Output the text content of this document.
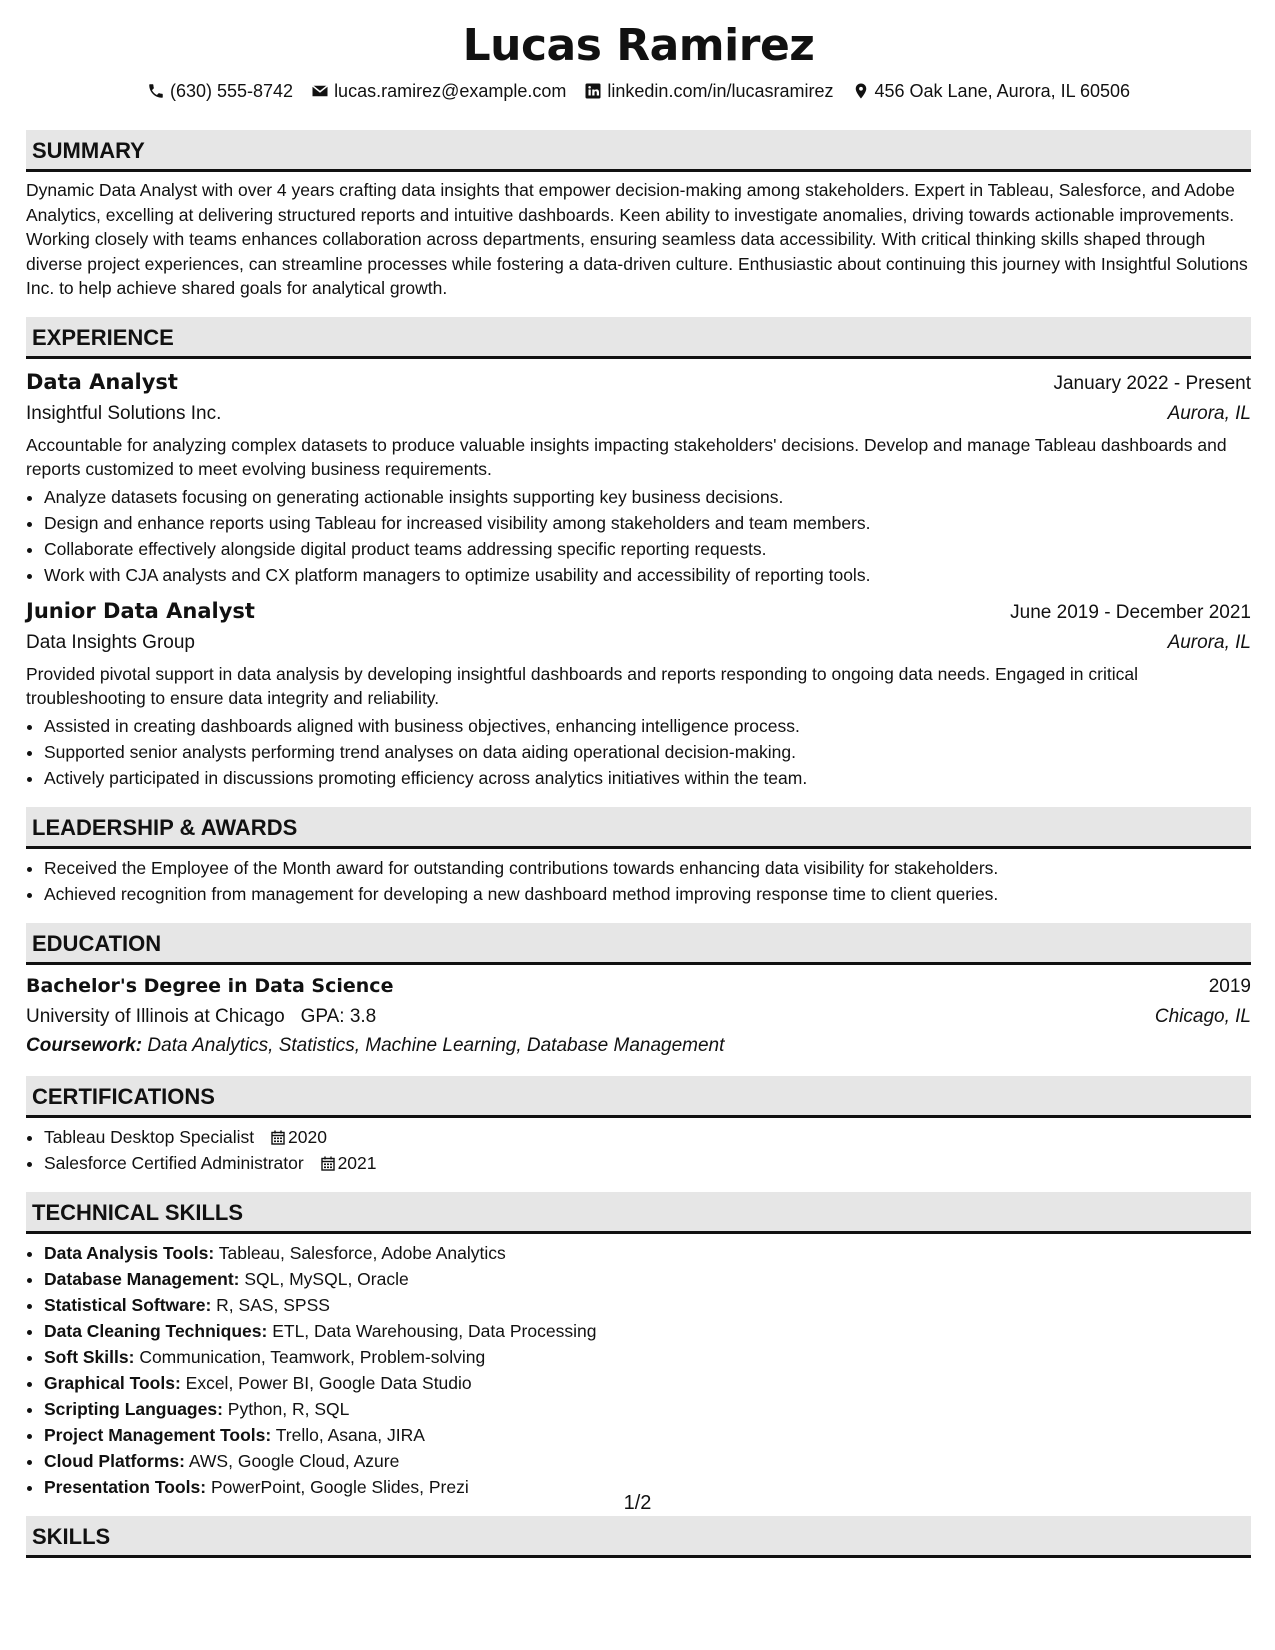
Lucas Ramirez
(630) 555-8742 lucas.ramirez@example.com linkedin.com/in/lucasramirez 456 Oak Lane, Aurora, IL 60506
SUMMARY

Dynamic Data Analyst with over 4 years crafting data insights that empower decision-making among stakeholders. Expert in Tableau, Salesforce, and Adobe Analytics, excelling at delivering structured reports and intuitive dashboards. Keen ability to investigate anomalies, driving towards actionable improvements. Working closely with teams enhances collaboration across departments, ensuring seamless data accessibility. With critical thinking skills shaped through diverse project experiences, can streamline processes while fostering a data-driven culture. Enthusiastic about continuing this journey with Insightful Solutions Inc. to help achieve shared goals for analytical growth.

EXPERIENCE
Data Analyst	January 2022 - Present
Insightful Solutions Inc.	Aurora, IL

Accountable for analyzing complex datasets to produce valuable insights impacting stakeholders' decisions. Develop and manage Tableau dashboards and reports customized to meet evolving business requirements.

• Analyze datasets focusing on generating actionable insights supporting key business decisions.
• Design and enhance reports using Tableau for increased visibility among stakeholders and team members.
• Collaborate effectively alongside digital product teams addressing specific reporting requests.
• Work with CJA analysts and CX platform managers to optimize usability and accessibility of reporting tools.
Junior Data Analyst	June 2019 - December 2021
Data Insights Group	Aurora, IL

Provided pivotal support in data analysis by developing insightful dashboards and reports responding to ongoing data needs. Engaged in critical troubleshooting to ensure data integrity and reliability.

• Assisted in creating dashboards aligned with business objectives, enhancing intelligence process.
• Supported senior analysts performing trend analyses on data aiding operational decision-making.
• Actively participated in discussions promoting efficiency across analytics initiatives within the team.
LEADERSHIP & AWARDS
• Received the Employee of the Month award for outstanding contributions towards enhancing data visibility for stakeholders.
• Achieved recognition from management for developing a new dashboard method improving response time to client queries.
EDUCATION
Bachelor's Degree in Data Science	2019
University of Illinois at Chicago GPA: 3.8	Chicago, IL
Coursework: Data Analytics, Statistics, Machine Learning, Database Management
CERTIFICATIONS
• Tableau Desktop Specialist 2020
• Salesforce Certified Administrator 2021
TECHNICAL SKILLS
• Data Analysis Tools: Tableau, Salesforce, Adobe Analytics
• Database Management: SQL, MySQL, Oracle
• Statistical Software: R, SAS, SPSS
• Data Cleaning Techniques: ETL, Data Warehousing, Data Processing
• Soft Skills: Communication, Teamwork, Problem-solving
• Graphical Tools: Excel, Power BI, Google Data Studio
• Scripting Languages: Python, R, SQL
• Project Management Tools: Trello, Asana, JIRA
• Cloud Platforms: AWS, Google Cloud, Azure
• Presentation Tools: PowerPoint, Google Slides, Prezi
SKILLS
1/2
